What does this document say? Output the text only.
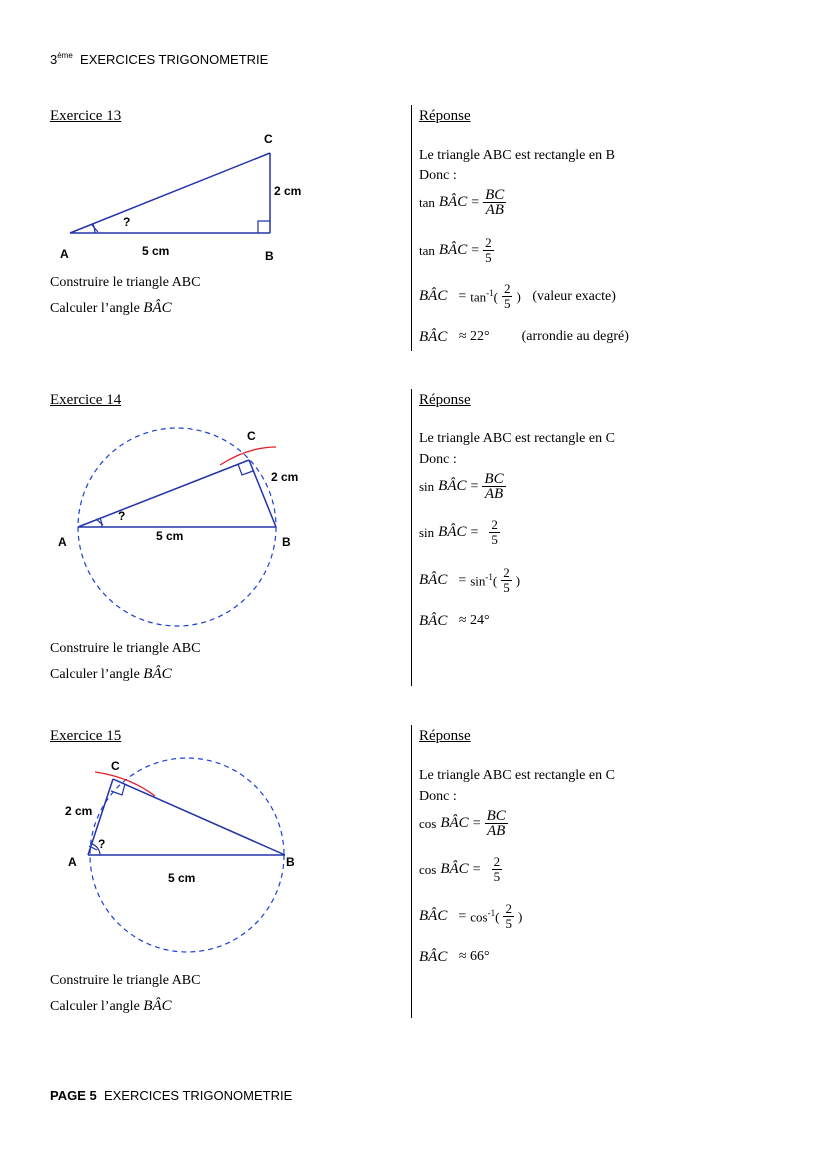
3ème EXERCICES TRIGONOMETRIE
Exercice 13
A	B
C
5 cm
2 cm
?
Construire le triangle ABC
Calculer l’angle BÂC
Réponse
Le triangle ABC est rectangle en B
Donc :
tan BÂC = $\frac{BC}{AB}$
tan BÂC = $\frac{2}{5}$
BÂC = $\tan^{-1}( \frac{2}{5}$ )
(valeur exacte)
BÂC
≈ 22° (arrondie au degré)
Exercice 14
A	B
C
5 cm
2 cm
?
Construire le triangle ABC
Calculer l’angle BÂC
Réponse
Le triangle ABC est rectangle en C
Donc :
sin BÂC = $\frac{BC}{AB}$
sin BÂC = $\frac{2}{5}$
BÂC = $\sin^{-1}( \frac{2}{5}$ )
BÂC
≈ 24°
Exercice 15
A	B
C
5 cm
2 cm
?
Construire le triangle ABC
Calculer l’angle BÂC
Réponse
Le triangle ABC est rectangle en C
Donc :
cos BÂC = $\frac{BC}{AB}$
cos BÂC = $\frac{2}{5}$
BÂC = $\cos^{-1}( \frac{2}{5}$ )
BÂC
≈ 66°
PAGE 5 EXERCICES TRIGONOMETRIE
